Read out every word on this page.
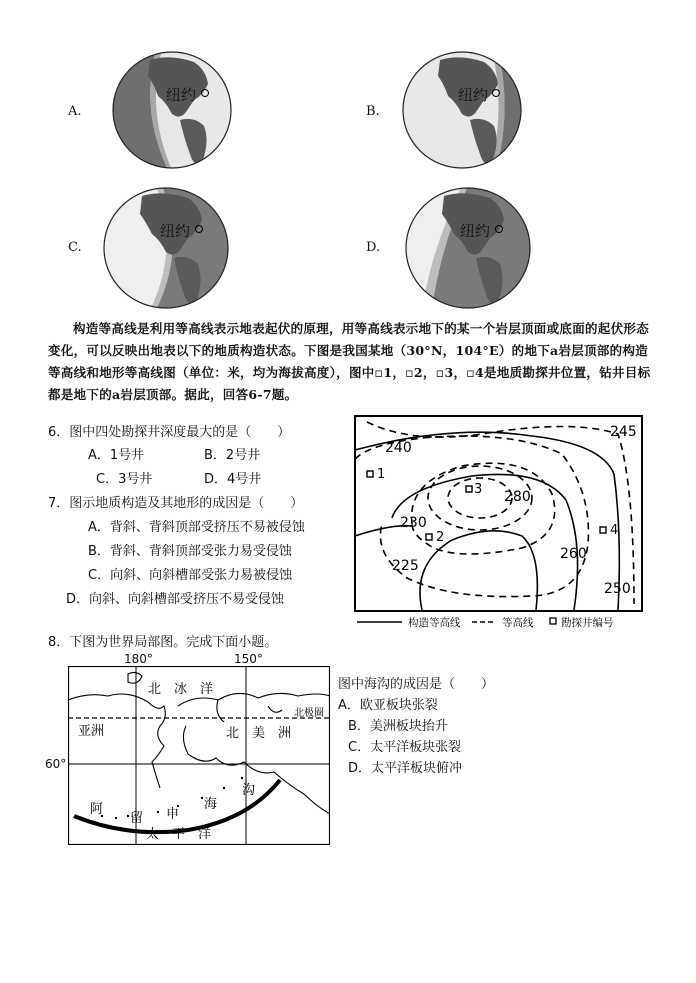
A.	B.
C.	D.
纽约	纽约
纽约	纽约
构造等高线是利用等高线表示地表起伏的原理，用等高线表示地下的某一个岩层顶面或底面的起伏形态变化，可以反映出地表以下的地质构造状态。下图是我国某地（30°N，104°E）的地下a岩层顶部的构造等高线和地形等高线图（单位：米，均为海拔高度），图中▫1，▫2，▫3，▫4是地质勘探井位置，钻井目标都是地下的a岩层顶部。据此，回答6-7题。
6．图中四处勘探井深度最大的是（　　）
A．1号井	B．2号井
C．3号井	D．4号井
7．图示地质构造及其地形的成因是（　　）
A．背斜、背斜顶部受挤压不易被侵蚀
B．背斜、背斜顶部受张力易受侵蚀
C．向斜、向斜槽部受张力易被侵蚀
D．向斜、向斜槽部受挤压不易受侵蚀
240
245
280
230
225
260
250
1
2
3
4
构造等高线	等高线	勘探井编号
8．下图为世界局部图。完成下面小题。
图中海沟的成因是（　　）
A．欧亚板块张裂
B．美洲板块抬升
C．太平洋板块张裂
D．太平洋板块俯冲
180°	150°
60°
北　冰　洋
北极圈
亚洲	北　美　洲
阿
留 申
海
沟
太　平　洋
